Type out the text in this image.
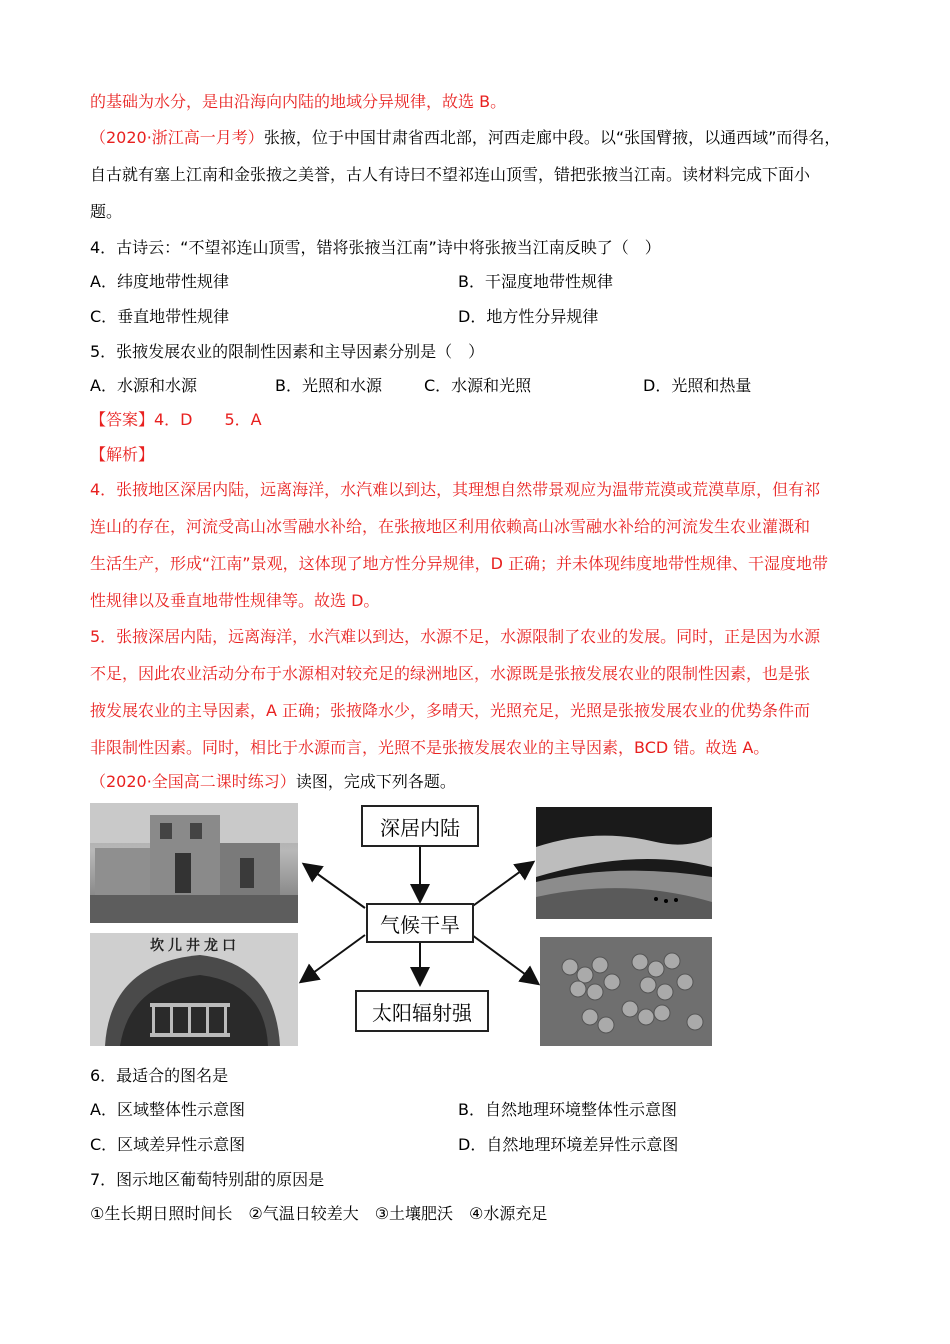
的基础为水分，是由沿海向内陆的地域分异规律，故选 B。
（2020·浙江高一月考）张掖，位于中国甘肃省西北部，河西走廊中段。以“张国臂掖，以通西域”而得名，
自古就有塞上江南和金张掖之美誉，古人有诗曰不望祁连山顶雪，错把张掖当江南。读材料完成下面小
题。
4．古诗云：“不望祁连山顶雪，错将张掖当江南”诗中将张掖当江南反映了（　）
A．纬度地带性规律	B．干湿度地带性规律
C．垂直地带性规律	D．地方性分异规律
5．张掖发展农业的限制性因素和主导因素分别是（　）
A．水源和水源	B．光照和水源	C．水源和光照	D．光照和热量
【答案】4．D　　5．A
【解析】
4．张掖地区深居内陆，远离海洋，水汽难以到达，其理想自然带景观应为温带荒漠或荒漠草原，但有祁
连山的存在，河流受高山冰雪融水补给，在张掖地区利用依赖高山冰雪融水补给的河流发生农业灌溉和
生活生产，形成“江南”景观，这体现了地方性分异规律，D 正确；并未体现纬度地带性规律、干湿度地带
性规律以及垂直地带性规律等。故选 D。
5．张掖深居内陆，远离海洋，水汽难以到达，水源不足，水源限制了农业的发展。同时，正是因为水源
不足，因此农业活动分布于水源相对较充足的绿洲地区，水源既是张掖发展农业的限制性因素，也是张
掖发展农业的主导因素，A 正确；张掖降水少，多晴天，光照充足，光照是张掖发展农业的优势条件而
非限制性因素。同时，相比于水源而言，光照不是张掖发展农业的主导因素，BCD 错。故选 A。
（2020·全国高二课时练习）读图，完成下列各题。
坎儿井龙口
深居内陆
气候干旱
太阳辐射强
6．最适合的图名是
A．区域整体性示意图	B．自然地理环境整体性示意图
C．区域差异性示意图	D．自然地理环境差异性示意图
7．图示地区葡萄特别甜的原因是
①生长期日照时间长　②气温日较差大　③土壤肥沃　④水源充足
